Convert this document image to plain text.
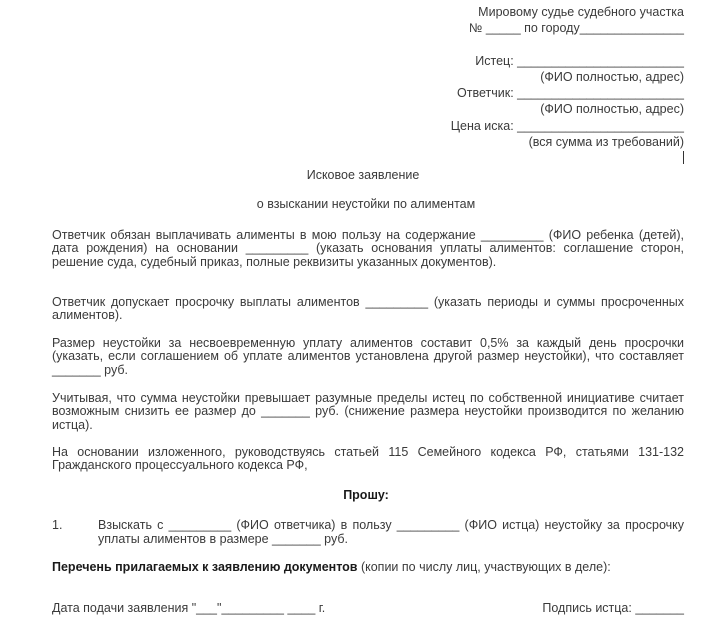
Мировому судье судебного участка
№ _____ по городу_______________
Истец: ________________________
(ФИО полностью, адрес)
Ответчик: ________________________
(ФИО полностью, адрес)
Цена иска: ________________________
(вся сумма из требований)
Исковое заявление
о взыскании неустойки по алиментам
Ответчик обязан выплачивать алименты в мою пользу на содержание _________ (ФИО ребенка (детей), дата рождения) на основании _________ (указать основания уплаты алиментов: соглашение сторон, решение суда, судебный приказ, полные реквизиты указанных документов).
Ответчик допускает просрочку выплаты алиментов _________ (указать периоды и суммы просроченных алиментов).
Размер неустойки за несвоевременную уплату алиментов составит 0,5% за каждый день просрочки (указать, если соглашением об уплате алиментов установлена другой размер неустойки), что составляет _______ руб.
Учитывая, что сумма неустойки превышает разумные пределы истец по собственной инициативе считает возможным снизить ее размер до _______ руб. (снижение размера неустойки производится по желанию истца).
На основании изложенного, руководствуясь статьей 115 Семейного кодекса РФ, статьями 131-132 Гражданского процессуального кодекса РФ,
Прошу:
1.	Взыскать с _________ (ФИО ответчика) в пользу _________ (ФИО истца) неустойку за просрочку уплаты алиментов в размере _______ руб.
Перечень прилагаемых к заявлению документов (копии по числу лиц, участвующих в деле):
Дата подачи заявления "___"_________ ____ г.	Подпись истца: _______
